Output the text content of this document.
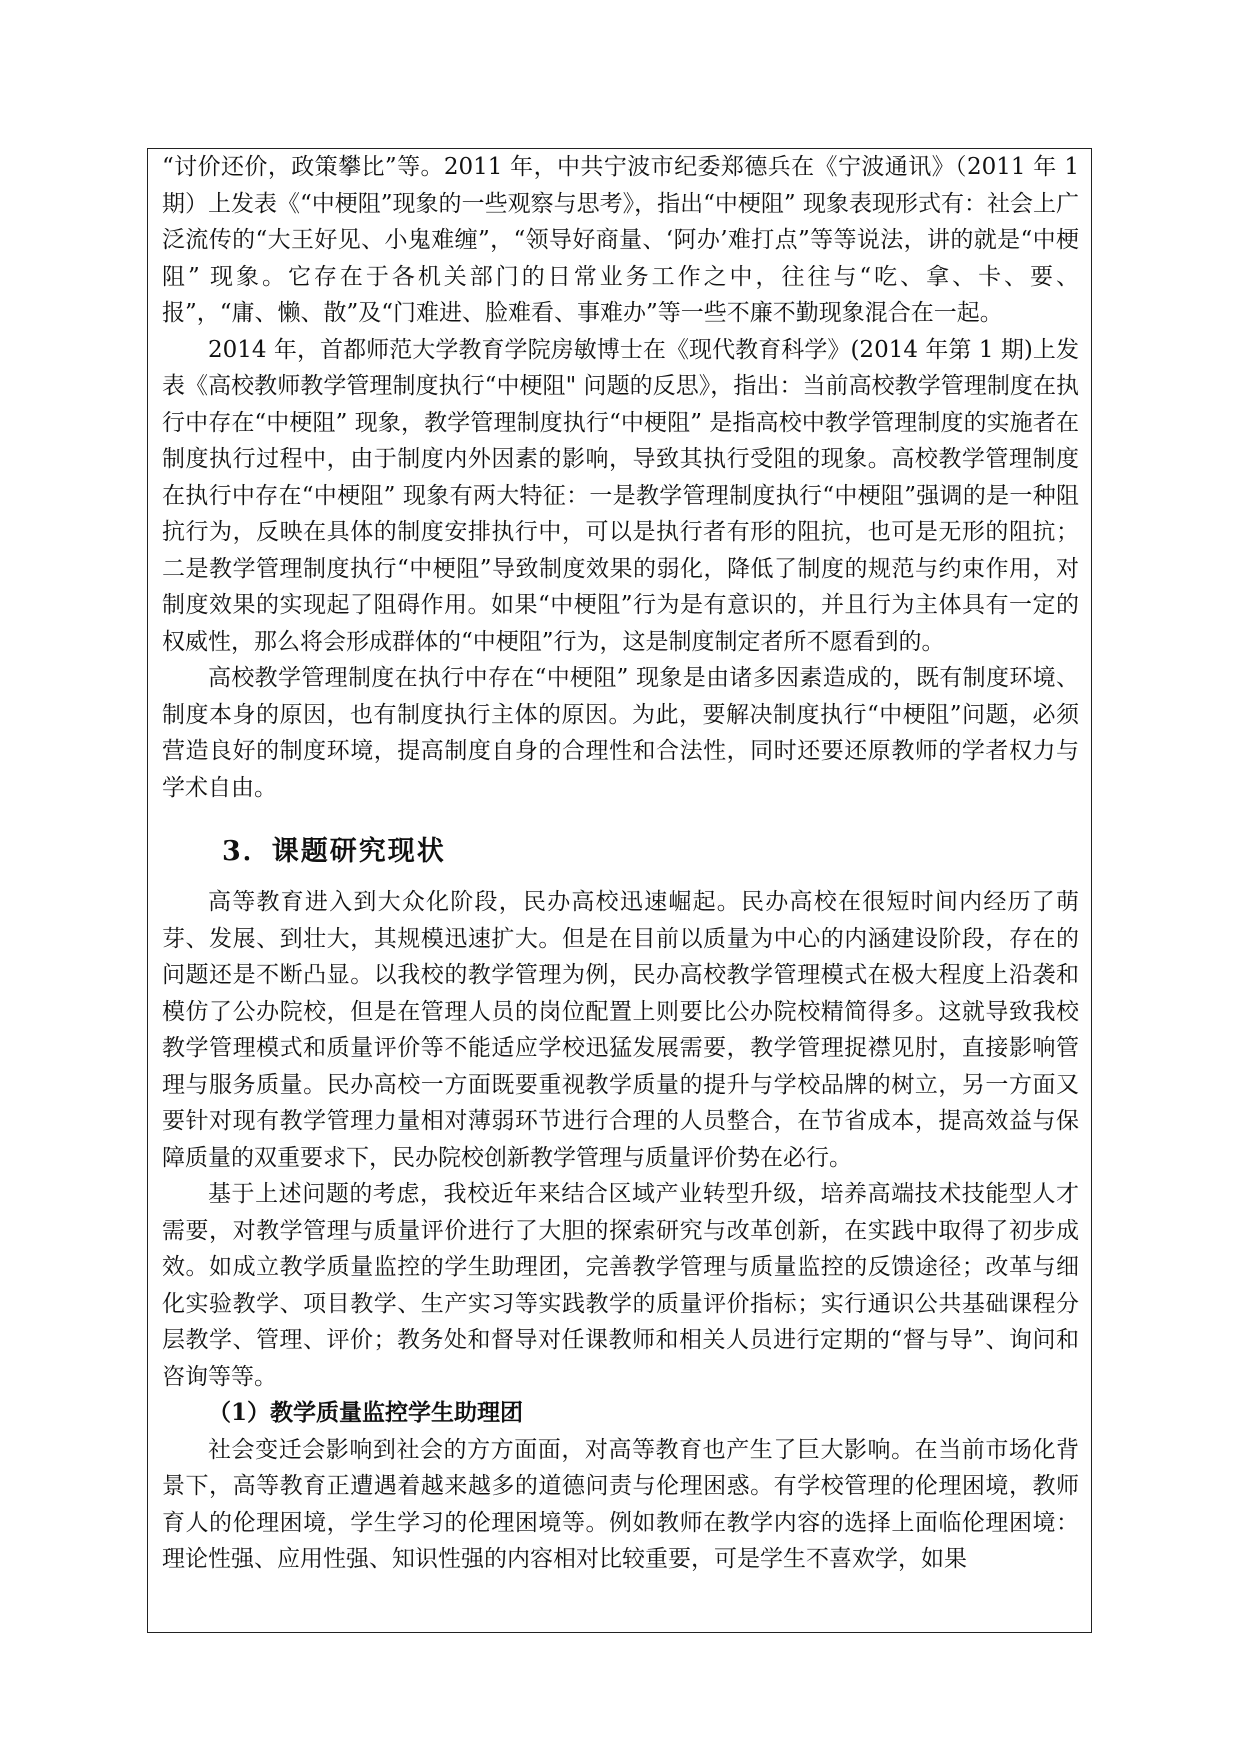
“讨价还价，政策攀比”等。2011 年，中共宁波市纪委郑德兵在《宁波通讯》（2011 年 1 期）上发表《“中梗阻”现象的一些观察与思考》，指出“中梗阻” 现象表现形式有：社会上广泛流传的“大王好见、小鬼难缠”，“领导好商量、‘阿办’难打点”等等说法，讲的就是“中梗阻” 现象。它存在于各机关部门的日常业务工作之中，往往与“吃、拿、卡、要、报”，“庸、懒、散”及“门难进、脸难看、事难办”等一些不廉不勤现象混合在一起。

2014 年，首都师范大学教育学院房敏博士在《现代教育科学》(2014 年第 1 期)上发表《高校教师教学管理制度执行“中梗阻" 问题的反思》，指出：当前高校教学管理制度在执行中存在“中梗阻” 现象，教学管理制度执行“中梗阻” 是指高校中教学管理制度的实施者在制度执行过程中，由于制度内外因素的影响，导致其执行受阻的现象。高校教学管理制度在执行中存在“中梗阻” 现象有两大特征：一是教学管理制度执行“中梗阻”强调的是一种阻抗行为，反映在具体的制度安排执行中，可以是执行者有形的阻抗，也可是无形的阻抗；二是教学管理制度执行“中梗阻”导致制度效果的弱化，降低了制度的规范与约束作用，对制度效果的实现起了阻碍作用。如果“中梗阻”行为是有意识的，并且行为主体具有一定的权威性，那么将会形成群体的“中梗阻”行为，这是制度制定者所不愿看到的。

高校教学管理制度在执行中存在“中梗阻” 现象是由诸多因素造成的，既有制度环境、制度本身的原因，也有制度执行主体的原因。为此，要解决制度执行“中梗阻”问题，必须营造良好的制度环境，提高制度自身的合理性和合法性，同时还要还原教师的学者权力与学术自由。

3．课题研究现状

高等教育进入到大众化阶段，民办高校迅速崛起。民办高校在很短时间内经历了萌芽、发展、到壮大，其规模迅速扩大。但是在目前以质量为中心的内涵建设阶段，存在的问题还是不断凸显。以我校的教学管理为例，民办高校教学管理模式在极大程度上沿袭和模仿了公办院校，但是在管理人员的岗位配置上则要比公办院校精简得多。这就导致我校教学管理模式和质量评价等不能适应学校迅猛发展需要，教学管理捉襟见肘，直接影响管理与服务质量。民办高校一方面既要重视教学质量的提升与学校品牌的树立，另一方面又要针对现有教学管理力量相对薄弱环节进行合理的人员整合，在节省成本，提高效益与保障质量的双重要求下，民办院校创新教学管理与质量评价势在必行。

基于上述问题的考虑，我校近年来结合区域产业转型升级，培养高端技术技能型人才需要，对教学管理与质量评价进行了大胆的探索研究与改革创新，在实践中取得了初步成效。如成立教学质量监控的学生助理团，完善教学管理与质量监控的反馈途径；改革与细化实验教学、项目教学、生产实习等实践教学的质量评价指标；实行通识公共基础课程分层教学、管理、评价；教务处和督导对任课教师和相关人员进行定期的“督与导”、询问和咨询等等。

（1）教学质量监控学生助理团

社会变迁会影响到社会的方方面面，对高等教育也产生了巨大影响。在当前市场化背景下，高等教育正遭遇着越来越多的道德问责与伦理困惑。有学校管理的伦理困境，教师育人的伦理困境，学生学习的伦理困境等。例如教师在教学内容的选择上面临伦理困境：理论性强、应用性强、知识性强的内容相对比较重要，可是学生不喜欢学，如果
